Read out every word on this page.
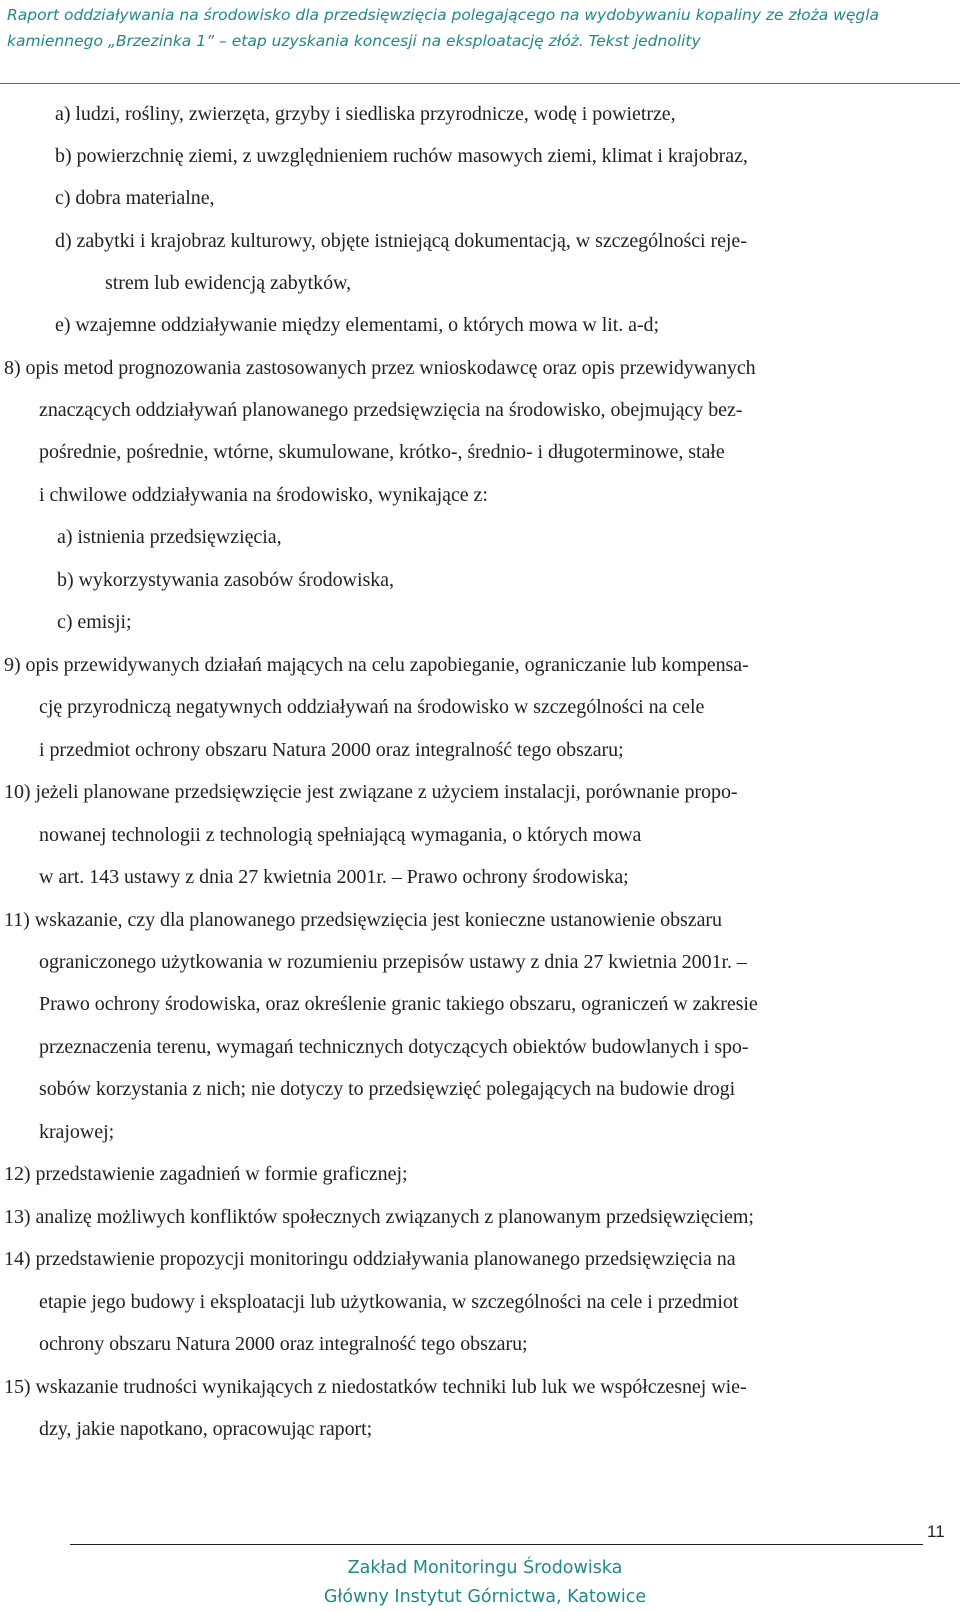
Raport oddziaływania na środowisko dla przedsięwzięcia polegającego na wydobywaniu kopaliny ze złoża węgla
kamiennego „Brzezinka 1” – etap uzyskania koncesji na eksploatację złóż. Tekst jednolity
a) ludzi, rośliny, zwierzęta, grzyby i siedliska przyrodnicze, wodę i powietrze,
b) powierzchnię ziemi, z uwzględnieniem ruchów masowych ziemi, klimat i krajobraz,
c) dobra materialne,
d) zabytki i krajobraz kulturowy, objęte istniejącą dokumentacją, w szczególności reje-
strem lub ewidencją zabytków,
e) wzajemne oddziaływanie między elementami, o których mowa w lit. a-d;
8) opis metod prognozowania zastosowanych przez wnioskodawcę oraz opis przewidywanych
znaczących oddziaływań planowanego przedsięwzięcia na środowisko, obejmujący bez-
pośrednie, pośrednie, wtórne, skumulowane, krótko-, średnio- i długoterminowe, stałe
i chwilowe oddziaływania na środowisko, wynikające z:
a) istnienia przedsięwzięcia,
b) wykorzystywania zasobów środowiska,
c) emisji;
9) opis przewidywanych działań mających na celu zapobieganie, ograniczanie lub kompensa-
cję przyrodniczą negatywnych oddziaływań na środowisko w szczególności na cele
i przedmiot ochrony obszaru Natura 2000 oraz integralność tego obszaru;
10) jeżeli planowane przedsięwzięcie jest związane z użyciem instalacji, porównanie propo-
nowanej technologii z technologią spełniającą wymagania, o których mowa
w art. 143 ustawy z dnia 27 kwietnia 2001r. – Prawo ochrony środowiska;
11) wskazanie, czy dla planowanego przedsięwzięcia jest konieczne ustanowienie obszaru
ograniczonego użytkowania w rozumieniu przepisów ustawy z dnia 27 kwietnia 2001r. –
Prawo ochrony środowiska, oraz określenie granic takiego obszaru, ograniczeń w zakresie
przeznaczenia terenu, wymagań technicznych dotyczących obiektów budowlanych i spo-
sobów korzystania z nich; nie dotyczy to przedsięwzięć polegających na budowie drogi
krajowej;
12) przedstawienie zagadnień w formie graficznej;
13) analizę możliwych konfliktów społecznych związanych z planowanym przedsięwzięciem;
14) przedstawienie propozycji monitoringu oddziaływania planowanego przedsięwzięcia na
etapie jego budowy i eksploatacji lub użytkowania, w szczególności na cele i przedmiot
ochrony obszaru Natura 2000 oraz integralność tego obszaru;
15) wskazanie trudności wynikających z niedostatków techniki lub luk we współczesnej wie-
dzy, jakie napotkano, opracowując raport;
11
Zakład Monitoringu Środowiska
Główny Instytut Górnictwa, Katowice
